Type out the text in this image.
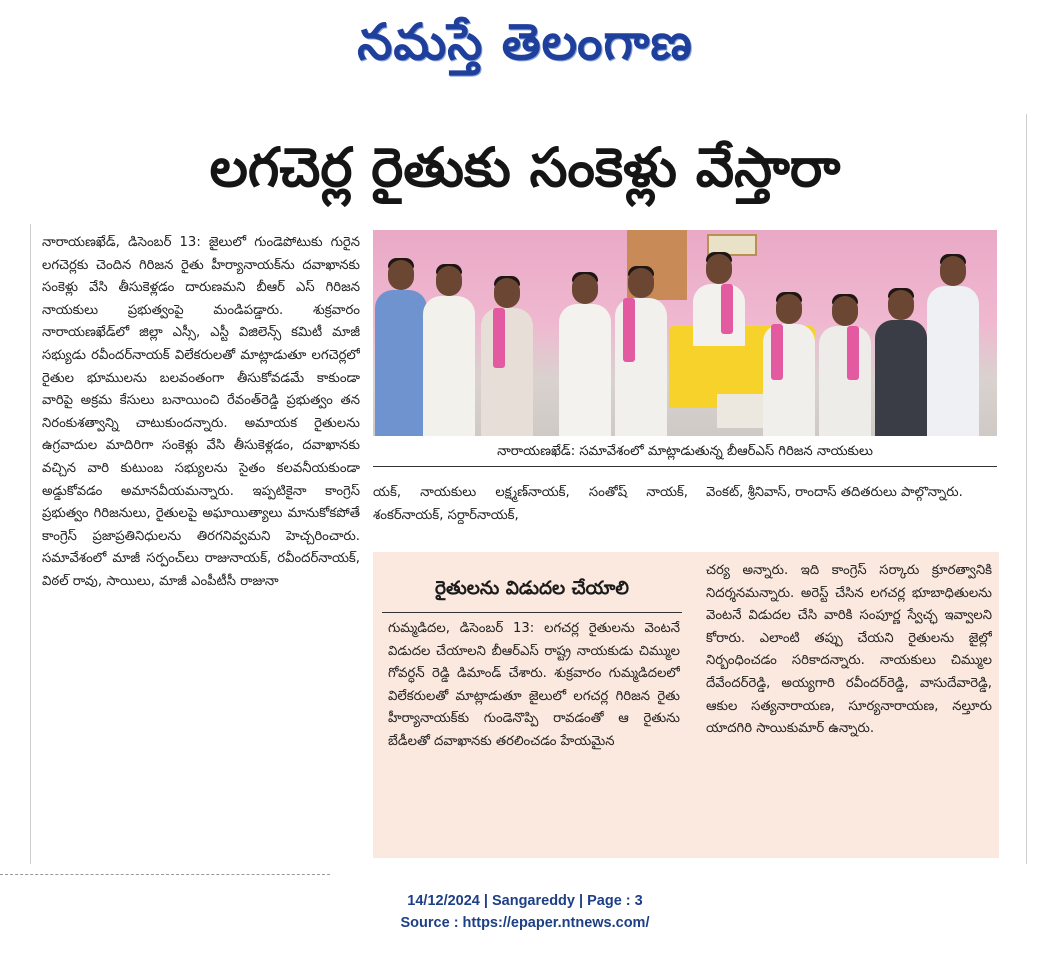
నమస్తే తెలంగాణ
లగచెర్ల రైతుకు సంకెళ్లు వేస్తారా

నారాయణఖేడ్, డిసెంబర్ 13: జైలులో గుండెపోటుకు గురైన లగచెర్లకు చెందిన గిరిజన రైతు హీర్యానాయక్‌ను దవాఖానకు సంకెళ్లు వేసి తీసుకెళ్లడం దారుణమని బీఆర్ ఎస్ గిరిజన నాయకులు ప్రభుత్వంపై మండిపడ్డారు. శుక్రవారం నారాయణఖేడ్‌లో జిల్లా ఎస్సీ, ఎస్టీ విజిలెన్స్ కమిటీ మాజీ సభ్యుడు రవీందర్‌నాయక్ విలేకరులతో మాట్లాడుతూ లగచెర్లలో రైతుల భూములను బలవంతంగా తీసుకోవడమే కాకుండా వారిపై అక్రమ కేసులు బనాయించి రేవంత్‌రెడ్డి ప్రభుత్వం తన నిరంకుశత్వాన్ని చాటుకుందన్నారు. అమాయక రైతులను ఉగ్రవాదుల మాదిరిగా సంకెళ్లు వేసి తీసుకెళ్లడం, దవాఖానకు వచ్చిన వారి కుటుంబ సభ్యులను సైతం కలవనీయకుండా అడ్డుకోవడం అమానవీయమన్నారు. ఇప్పటికైనా కాంగ్రెస్ ప్రభుత్వం గిరిజనులు, రైతులపై అఘాయిత్యాలు మానుకోకపోతే కాంగ్రెస్ ప్రజాప్రతినిధులను తిరగనివ్వమని హెచ్చరించారు. సమావేశంలో మాజీ సర్పంచ్‌లు రాజునాయక్, రవీందర్‌నాయక్, విఠల్ రావు, సాయిలు, మాజీ ఎంపీటీసీ రాజునా

నారాయణఖేడ్: సమావేశంలో మాట్లాడుతున్న బీఆర్ఎస్ గిరిజన నాయకులు

యక్, నాయకులు లక్ష్మణ్‌నాయక్, సంతోష్ నాయక్, శంకర్‌నాయక్, సర్దార్‌నాయక్,

వెంకట్, శ్రీనివాస్, రాందాస్ తదితరులు పాల్గొన్నారు.

రైతులను విడుదల చేయాలి

గుమ్మడిదల, డిసెంబర్ 13: లగచర్ల రైతులను వెంటనే విడుదల చేయాలని బీఆర్ఎస్ రాష్ట్ర నాయకుడు చిమ్ముల గోవర్ధన్ రెడ్డి డిమాండ్ చేశారు. శుక్రవారం గుమ్మడిదలలో విలేకరులతో మాట్లాడుతూ జైలులో లగచర్ల గిరిజన రైతు హీర్యానాయక్‌కు గుండెనొప్పి రావడంతో ఆ రైతును బేడీలతో దవాఖానకు తరలించడం హేయమైన

చర్య అన్నారు. ఇది కాంగ్రెస్ సర్కారు క్రూరత్వానికి నిదర్శనమన్నారు. అరెస్ట్ చేసిన లగచర్ల భూబాధితులను వెంటనే విడుదల చేసి వారికి సంపూర్ణ స్వేచ్ఛ ఇవ్వాలని కోరారు. ఎలాంటి తప్పు చేయని రైతులను జైల్లో నిర్బంధించడం సరికాదన్నారు. నాయకులు చిమ్ముల దేవేందర్‌రెడ్డి, అయ్యగారి రవీందర్‌రెడ్డి, వాసుదేవారెడ్డి, ఆకుల సత్యనారాయణ, సూర్యనారాయణ, నల్తూరు యాదగిరి సాయికుమార్ ఉన్నారు.

14/12/2024 | Sangareddy | Page : 3
Source : https://epaper.ntnews.com/
